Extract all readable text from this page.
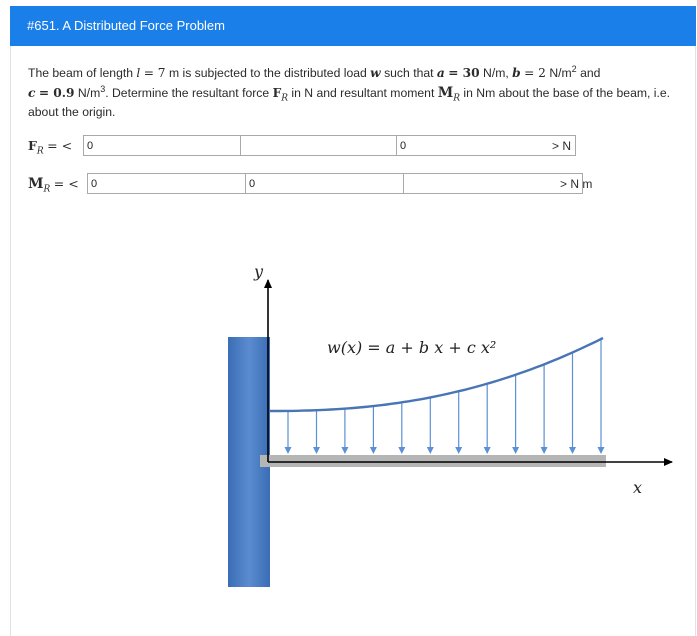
#651. A Distributed Force Problem
The beam of length l = 7 m is subjected to the distributed load w such that a = 30 N/m, b = 2 $N/m^2$ and
c = 0.9 $N/m^3$. Determine the resultant force $F_R$ in N and resultant moment $M_R$ in Nm about the base of the beam, i.e. about the origin.
$F_R$ = <
0
0	> N
$M_R$ = <
0
0	> N m
y
x
w(x) = a + b x + c x²
